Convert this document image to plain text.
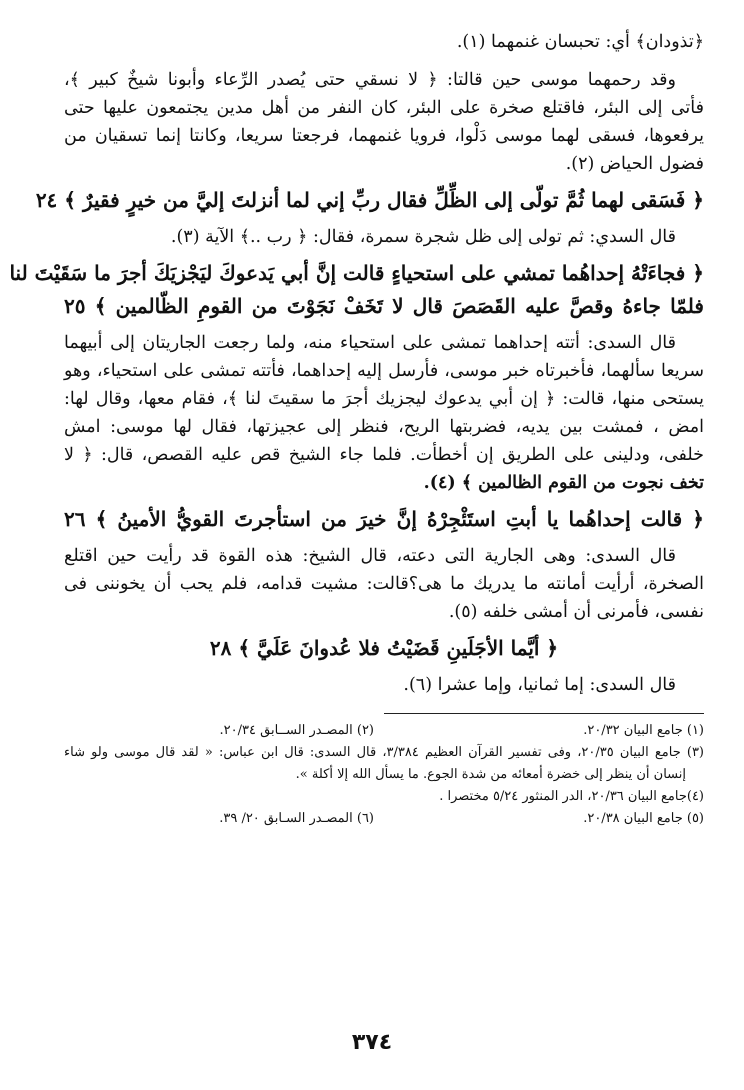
﴿تذودان﴾ أي: تحبسان غنمهما (١).
وقد رحمهما موسى حين قالتا: ﴿ لا نسقي حتى يُصدر الرِّعاء وأبونا شيخٌ كبير ﴾،
فأتى إلى البئر، فاقتلع صخرة على البئر، كان النفر من أهل مدين يجتمعون عليها حتى
يرفعوها، فسقى لهما موسى دَلْوا، فرويا غنمهما، فرجعتا سريعا، وكانتا إنما تسقيان من
فضول الحياض (٢).
﴿ فَسَقى لهما ثُمَّ تولّى إلى الظِّلِّ فقال ربِّ إني لما أنزلتَ إليَّ من خيرٍ فقيرٌ ﴾ ٢٤
قال السدي: ثم تولى إلى ظل شجرة سمرة، فقال: ﴿ رب ..﴾ الآية (٣).
﴿ فجاءَتْهُ إحداهُما تمشي على استحياءٍ قالت إنَّ أبي يَدعوكَ ليَجْزيَكَ أجرَ ما سَقَيْتَ لنا
فلمّا جاءهُ وقصَّ عليه القَصَصَ قال لا تَخَفْ نَجَوْتَ من القومِ الظّالمين ﴾ ٢٥
قال السدى: أتته إحداهما تمشى على استحياء منه، ولما رجعت الجاريتان إلى أبيهما
سريعا سألهما، فأخبرتاه خبر موسى، فأرسل إليه إحداهما، فأتته تمشى على استحياء، وهو
يستحى منها، قالت: ﴿ إن أبي يدعوك ليجزيك أجرَ ما سقيتَ لنا ﴾، فقام معها، وقال لها:
امض ، فمشت بين يديه، فضربتها الريح، فنظر إلى عجيزتها، فقال لها موسى: امش
خلفى، ودلينى على الطريق إن أخطأت. فلما جاء الشيخ قص عليه القصص، قال: ﴿ لا
تخف نجوت من القوم الظالمين ﴾ (٤).
﴿ قالت إحداهُما يا أبتِ استَئْجِرْهُ إنَّ خيرَ من استأجرتَ القويُّ الأمينُ ﴾ ٢٦
قال السدى: وهى الجارية التى دعته، قال الشيخ: هذه القوة قد رأيت حين اقتلع
الصخرة، أرأيت أمانته ما يدريك ما هى؟قالت: مشيت قدامه، فلم يحب أن يخوننى فى
نفسى، فأمرنى أن أمشى خلفه (٥).
﴿ أيَّما الأجَلَينِ قَضَيْتُ فلا عُدوانَ عَلَيَّ ﴾ ٢٨
قال السدى: إما ثمانيا، وإما عشرا (٦).
(١) جامع البيان ٢٠/٣٢.
(٢) المصـدر الســابق ٢٠/٣٤.
(٣) جامع البيان ٢٠/٣٥، وفى تفسير القرآن العظيم ٣/٣٨٤، قال السدى: قال ابن عباس: « لقد قال موسى ولو شاء
إنسان أن ينظر إلى خضرة أمعائه من شدة الجوع. ما يسأل الله إلا أكلة ».
(٤)جامع البيان ٢٠/٣٦، الدر المنثور ٥/٢٤ مختصرا .
(٥) جامع البيان ٢٠/٣٨.
(٦) المصـدر السـابق ٢٠/ ٣٩.
٣٧٤
